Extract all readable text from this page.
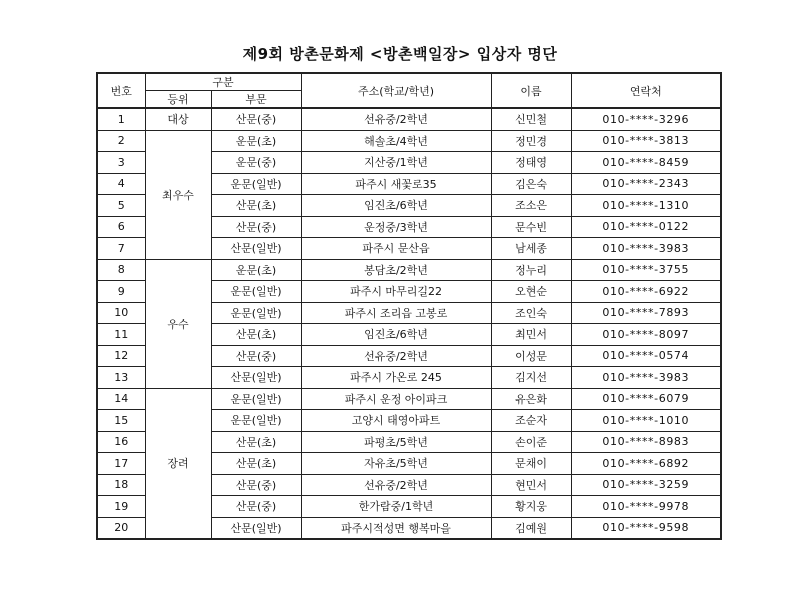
제9회 방촌문화제 <방촌백일장> 입상자 명단
번호	구분		주소(학교/학년)	이름	연락처
	등위	부문			
1	대상	산문(중)	선유중/2학년	신민철	010-****-3296
2	최우수	운문(초)	해솔초/4학년	정민경	010-****-3813
3		운문(중)	지산중/1학년	정태영	010-****-8459
4		운문(일반)	파주시 새꽃로35	김은숙	010-****-2343
5		산문(초)	임진초/6학년	조소은	010-****-1310
6		산문(중)	운정중/3학년	문수빈	010-****-0122
7		산문(일반)	파주시 문산읍	남세종	010-****-3983
8	우수	운문(초)	봉담초/2학년	정누리	010-****-3755
9		운문(일반)	파주시 마무리길22	오현순	010-****-6922
10		운문(일반)	파주시 조리읍 고봉로	조인숙	010-****-7893
11		산문(초)	임진초/6학년	최민서	010-****-8097
12		산문(중)	선유중/2학년	이성문	010-****-0574
13		산문(일반)	파주시 가온로 245	김지선	010-****-3983
14	장려	운문(일반)	파주시 운정 아이파크	유은화	010-****-6079
15		운문(일반)	고양시 태영아파트	조순자	010-****-1010
16		산문(초)	파평초/5학년	손이준	010-****-8983
17		산문(초)	자유초/5학년	문채이	010-****-6892
18		산문(중)	선유중/2학년	현민서	010-****-3259
19		산문(중)	한가람중/1학년	황지웅	010-****-9978
20		산문(일반)	파주시적성면 행복마을	김예원	010-****-9598
